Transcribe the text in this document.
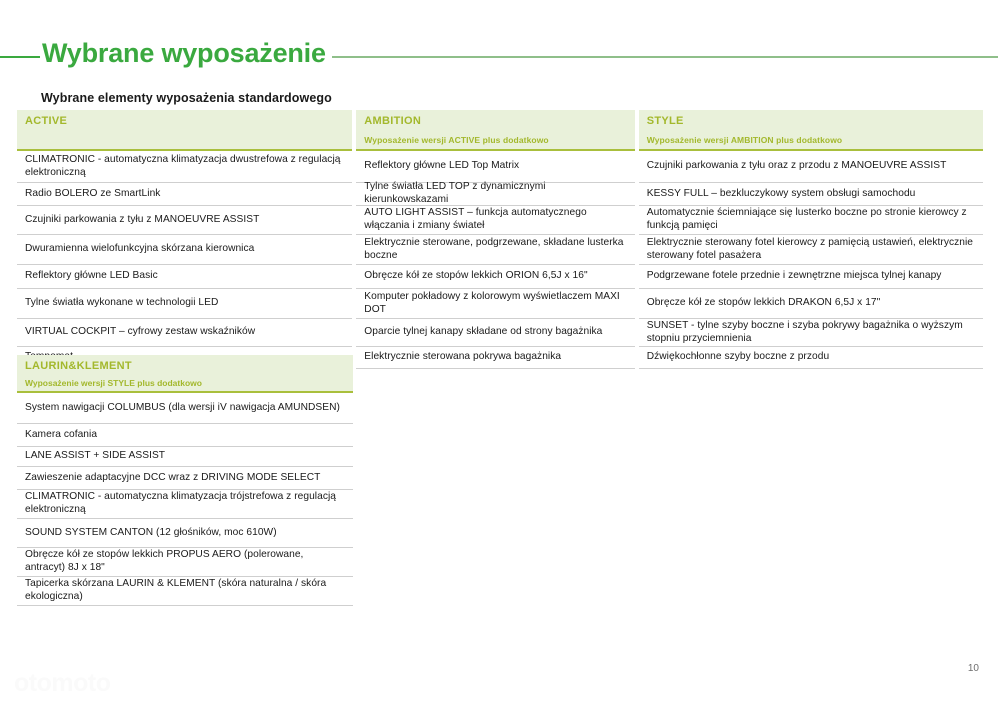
Wybrane wyposażenie
Wybrane elementy wyposażenia standardowego
ACTIVE
CLIMATRONIC - automatyczna klimatyzacja dwustrefowa z regulacją elektroniczną
Radio BOLERO ze SmartLink
Czujniki parkowania z tyłu z MANOEUVRE ASSIST
Dwuramienna wielofunkcyjna skórzana kierownica
Reflektory główne LED Basic
Tylne światła wykonane w technologii LED
VIRTUAL COCKPIT – cyfrowy zestaw wskaźników
AMBITION
Wyposażenie wersji ACTIVE plus dodatkowo
Reflektory główne LED Top Matrix
Tylne światła LED TOP z dynamicznymi kierunkowskazami
AUTO LIGHT ASSIST – funkcja automatycznego włączania i zmiany świateł
Elektrycznie sterowane, podgrzewane, składane lusterka boczne
Obręcze kół ze stopów lekkich ORION 6,5J x 16"
Komputer pokładowy z kolorowym wyświetlaczem MAXI DOT
Oparcie tylnej kanapy składane od strony bagażnika
Elektrycznie sterowana pokrywa bagażnika
STYLE
Wyposażenie wersji AMBITION plus dodatkowo
Czujniki parkowania z tyłu oraz z przodu z MANOEUVRE ASSIST
KESSY FULL – bezkluczykowy system obsługi samochodu
Automatycznie ściemniające się lusterko boczne po stronie kierowcy z funkcją pamięci
Elektrycznie sterowany fotel kierowcy z pamięcią ustawień, elektrycznie sterowany fotel pasażera
Podgrzewane fotele przednie i zewnętrzne miejsca tylnej kanapy
Obręcze kół ze stopów lekkich DRAKON 6,5J x 17"
SUNSET - tylne szyby boczne i szyba pokrywy bagażnika o wyższym stopniu przyciemnienia
Dźwiękochłonne szyby boczne z przodu
LAURIN&KLEMENT
Wyposażenie wersji STYLE plus dodatkowo
System nawigacji COLUMBUS (dla wersji iV nawigacja AMUNDSEN)
Kamera cofania
LANE ASSIST + SIDE ASSIST
Zawieszenie adaptacyjne DCC wraz z DRIVING MODE SELECT
CLIMATRONIC - automatyczna klimatyzacja trójstrefowa z regulacją elektroniczną
SOUND SYSTEM CANTON (12 głośników, moc 610W)
Obręcze kół ze stopów lekkich PROPUS AERO (polerowane, antracyt) 8J x 18"
Tapicerka skórzana LAURIN & KLEMENT (skóra naturalna / skóra ekologiczna)
10
otomoto
